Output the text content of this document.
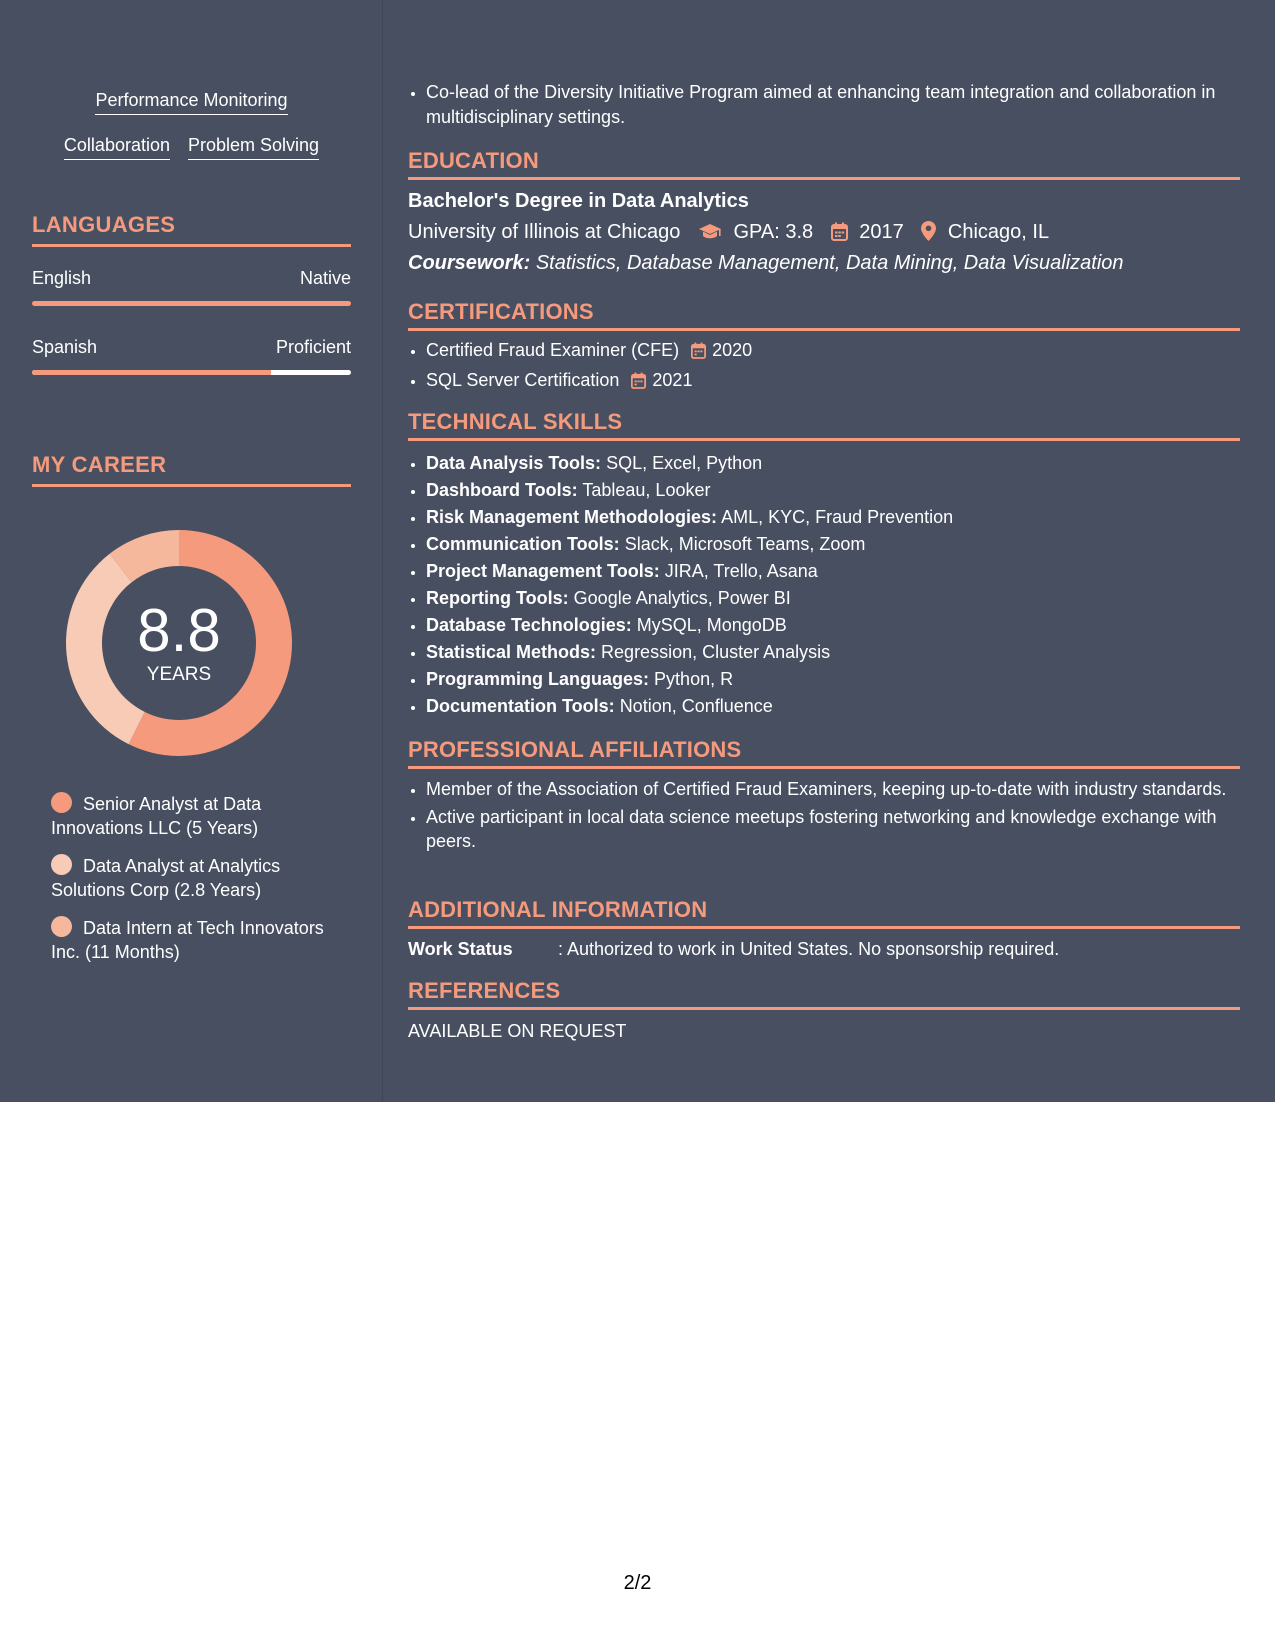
Performance Monitoring
Collaboration Problem Solving
LANGUAGES
English	Native
Spanish	Proficient
MY CAREER
8.8
YEARS
Senior Analyst at Data Innovations LLC (5 Years)
Data Analyst at Analytics Solutions Corp (2.8 Years)
Data Intern at Tech Innovators Inc. (11 Months)
• Co-lead of the Diversity Initiative Program aimed at enhancing team integration and collaboration in multidisciplinary settings.
EDUCATION
Bachelor's Degree in Data Analytics
University of Illinois at Chicago	GPA: 3.8 2017 Chicago, IL
Coursework: Statistics, Database Management, Data Mining, Data Visualization
CERTIFICATIONS
• Certified Fraud Examiner (CFE) 2020
• SQL Server Certification 2021
TECHNICAL SKILLS
• Data Analysis Tools: SQL, Excel, Python
• Dashboard Tools: Tableau, Looker
• Risk Management Methodologies: AML, KYC, Fraud Prevention
• Communication Tools: Slack, Microsoft Teams, Zoom
• Project Management Tools: JIRA, Trello, Asana
• Reporting Tools: Google Analytics, Power BI
• Database Technologies: MySQL, MongoDB
• Statistical Methods: Regression, Cluster Analysis
• Programming Languages: Python, R
• Documentation Tools: Notion, Confluence
PROFESSIONAL AFFILIATIONS
• Member of the Association of Certified Fraud Examiners, keeping up-to-date with industry standards.
• Active participant in local data science meetups fostering networking and knowledge exchange with peers.
ADDITIONAL INFORMATION
Work Status	: Authorized to work in United States. No sponsorship required.
REFERENCES
AVAILABLE ON REQUEST
2/2
